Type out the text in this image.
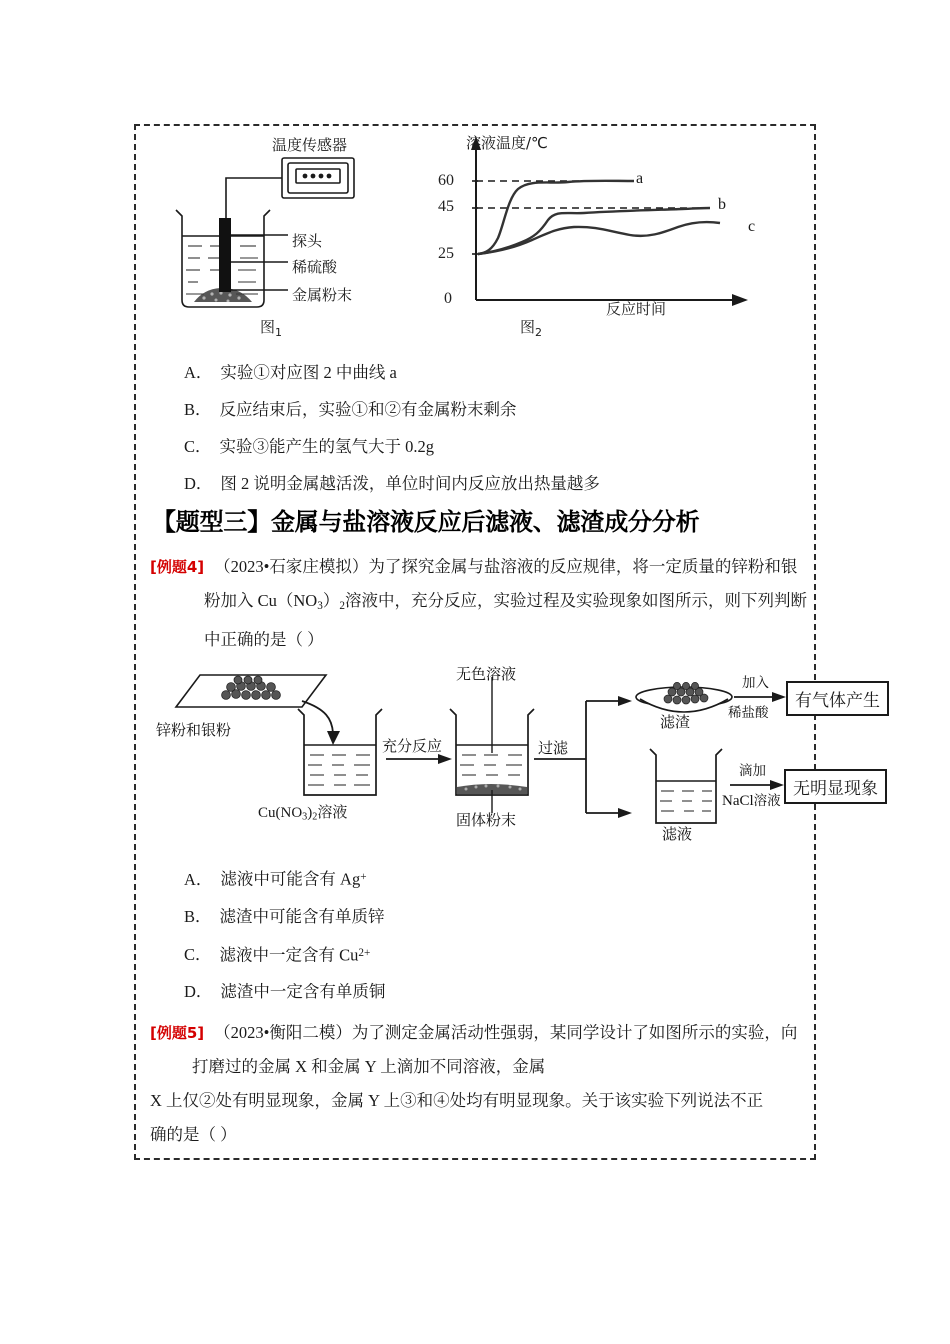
温度传感器
探头
稀硫酸
金属粉末
图$_1$
溶液温度/℃
反应时间
60
45
25
0
a
b
c
图$_2$
A． 实验①对应图 2 中曲线 a
B． 反应结束后，实验①和②有金属粉末剩余
C． 实验③能产生的氢气大于 0.2g
D． 图 2 说明金属越活泼，单位时间内反应放出热量越多
【题型三】金属与盐溶液反应后滤液、滤渣成分分析
[例题4] （2023•石家庄模拟）为了探究金属与盐溶液的反应规律，将一定质量的锌粉和银
粉加入 $Cu(NO_3)_2$溶液中，充分反应，实验过程及实验现象如图所示，则下列判断
中正确的是（ ）
锌粉和银粉
$Cu(NO_3)_2$溶液
充分反应
无色溶液
固体粉末
过滤
滤渣
滤液
加入
稀盐酸
滴加
NaCl溶液
有气体产生
无明显现象
A． 滤液中可能含有 Ag+
B． 滤渣中可能含有单质锌
C． 滤液中一定含有 $Cu^{2+}$
D． 滤渣中一定含有单质铜
[例题5] （2023•衡阳二模）为了测定金属活动性强弱，某同学设计了如图所示的实验，向
打磨过的金属 X 和金属 Y 上滴加不同溶液，金属
X 上仅②处有明显现象，金属 Y 上③和④处均有明显现象。关于该实验下列说法不正
确的是（ ）
